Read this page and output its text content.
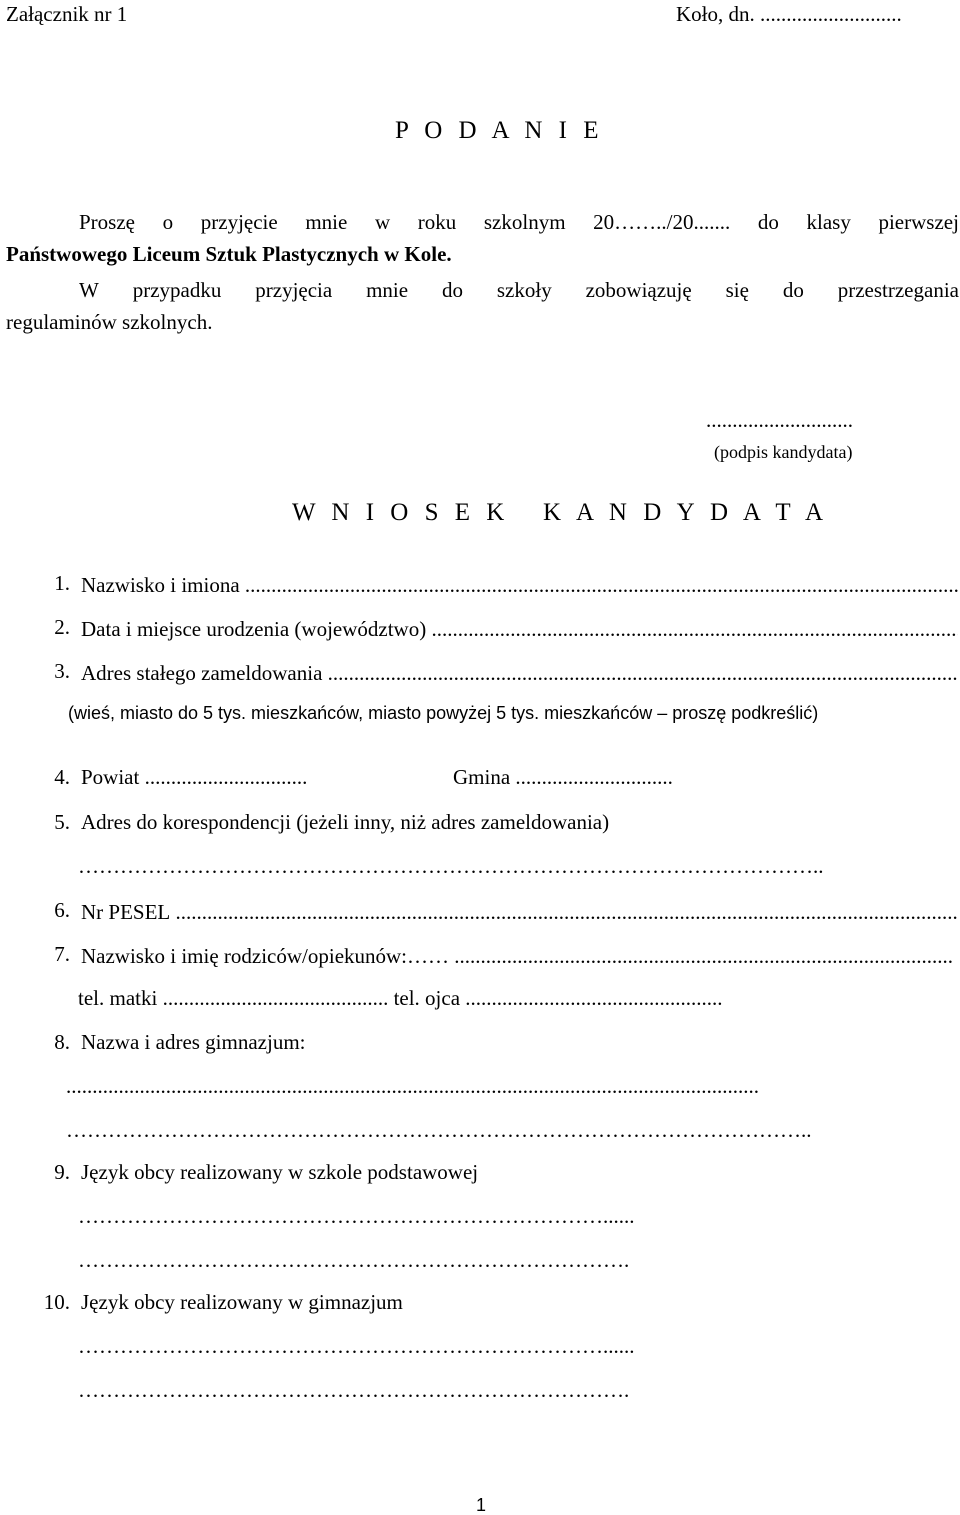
Załącznik nr 1	Koło, dn. ...........................
P O D A N I E
Proszę o przyjęcie mnie w roku szkolnym 20……../20....... do klasy pierwszej
Państwowego Liceum Sztuk Plastycznych w Kole.
W przypadku przyjęcia mnie do szkoły zobowiązuję się do przestrzegania
regulaminów szkolnych.
............................
(podpis kandydata)
W N I O S E K   K A N D Y D A T A
1. Nazwisko i imiona
.....
2. Data i miejsce urodzenia (województwo)
.....
3. Adres stałego zameldowania
.....
(wieś, miasto do 5 tys. mieszkańców, miasto powyżej 5 tys. mieszkańców – proszę podkreślić)
4. Powiat ...............................	Gmina ..............................
5. Adres do korespondencji (jeżeli inny, niż adres zameldowania)
……………………………………………………………………………………………..
6. Nr PESEL
.....
7. Nazwisko i imię rodziców/opiekunów:……
.....
tel. matki ........................................... tel. ojca .................................................
8. Nazwa i adres gimnazjum:
....................................................................................................................................
……………………………………………………………………………………………..
9. Język obcy realizowany w szkole podstawowej
…………………………………………………………………......
…………………………………………………………………….
10. Język obcy realizowany w gimnazjum
…………………………………………………………………......
…………………………………………………………………….
1
